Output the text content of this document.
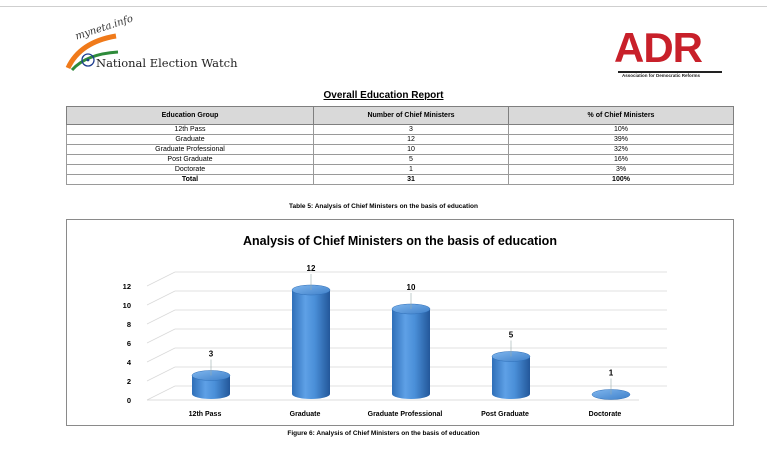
myneta.info
National Election Watch	ADR
Association for Democratic Reforms
Overall Education Report
Education Group	Number of Chief Ministers	% of Chief Ministers
12th Pass	3	10%
Graduate	12	39%
Graduate Professional	10	32%
Post Graduate	5	16%
Doctorate	1	3%
Total	31	100%
Table 5: Analysis of Chief Ministers on the basis of education
Analysis of Chief Ministers on the basis of education
0
2
4
6
8
10
12
3
12
10
5
1
12th Pass	Graduate	Graduate Professional	Post Graduate	Doctorate
Figure 6: Analysis of Chief Ministers on the basis of education
